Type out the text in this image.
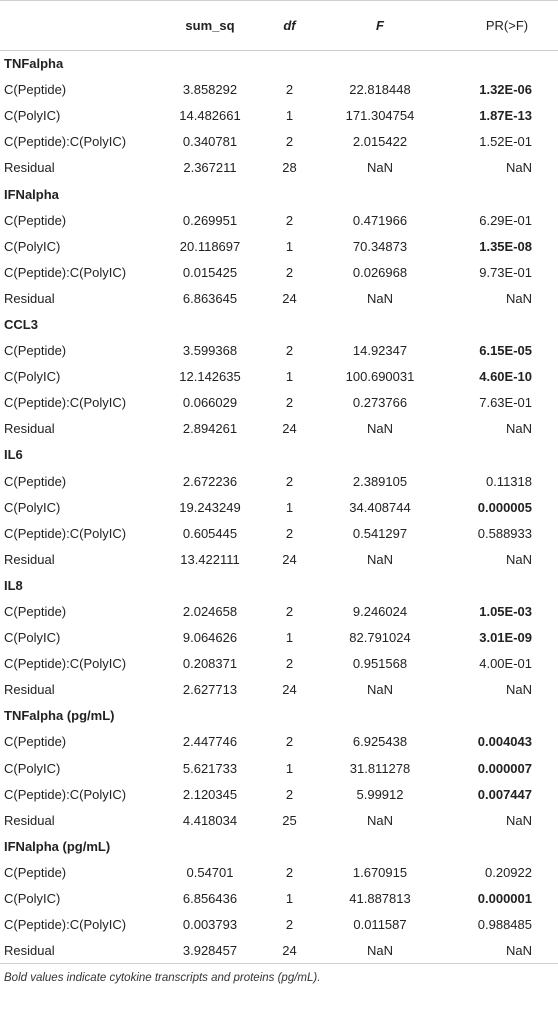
	sum_sq	df	F	PR(>F)
TNFalpha				
C(Peptide)	3.858292	2	22.818448	1.32E-06
C(PolyIC)	14.482661	1	171.304754	1.87E-13
C(Peptide):C(PolyIC)	0.340781	2	2.015422	1.52E-01
Residual	2.367211	28	NaN	NaN
IFNalpha				
C(Peptide)	0.269951	2	0.471966	6.29E-01
C(PolyIC)	20.118697	1	70.34873	1.35E-08
C(Peptide):C(PolyIC)	0.015425	2	0.026968	9.73E-01
Residual	6.863645	24	NaN	NaN
CCL3				
C(Peptide)	3.599368	2	14.92347	6.15E-05
C(PolyIC)	12.142635	1	100.690031	4.60E-10
C(Peptide):C(PolyIC)	0.066029	2	0.273766	7.63E-01
Residual	2.894261	24	NaN	NaN
IL6				
C(Peptide)	2.672236	2	2.389105	0.11318
C(PolyIC)	19.243249	1	34.408744	0.000005
C(Peptide):C(PolyIC)	0.605445	2	0.541297	0.588933
Residual	13.422111	24	NaN	NaN
IL8				
C(Peptide)	2.024658	2	9.246024	1.05E-03
C(PolyIC)	9.064626	1	82.791024	3.01E-09
C(Peptide):C(PolyIC)	0.208371	2	0.951568	4.00E-01
Residual	2.627713	24	NaN	NaN
TNFalpha (pg/mL)				
C(Peptide)	2.447746	2	6.925438	0.004043
C(PolyIC)	5.621733	1	31.811278	0.000007
C(Peptide):C(PolyIC)	2.120345	2	5.99912	0.007447
Residual	4.418034	25	NaN	NaN
IFNalpha (pg/mL)				
C(Peptide)	0.54701	2	1.670915	0.20922
C(PolyIC)	6.856436	1	41.887813	0.000001
C(Peptide):C(PolyIC)	0.003793	2	0.011587	0.988485
Residual	3.928457	24	NaN	NaN
Bold values indicate cytokine transcripts and proteins (pg/mL).
